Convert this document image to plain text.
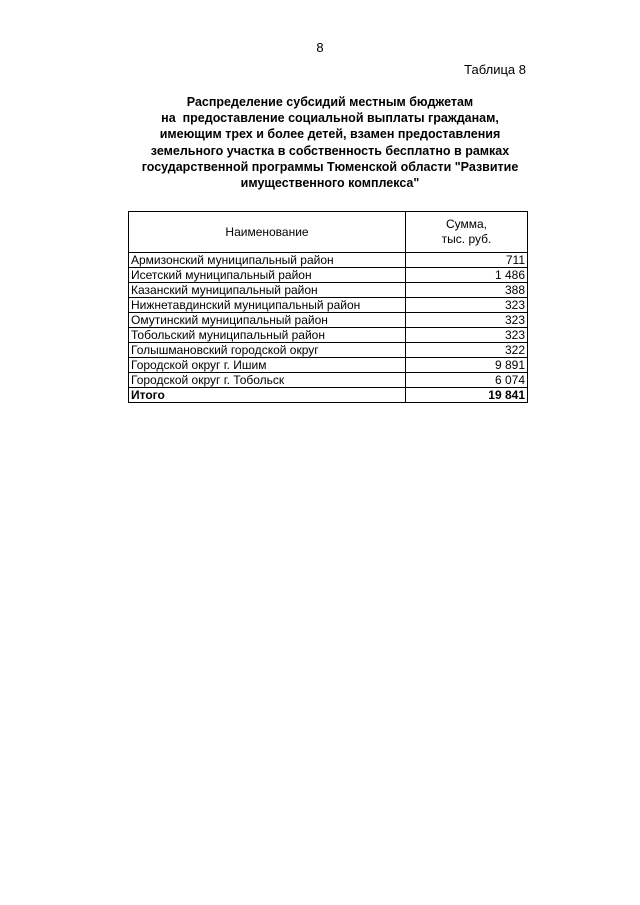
8
Таблица 8
Распределение субсидий местным бюджетам
на  предоставление социальной выплаты гражданам,
имеющим трех и более детей, взамен предоставления
земельного участка в собственность бесплатно в рамках
государственной программы Тюменской области "Развитие
имущественного комплекса"
Наименование	Сумма,
тыс. руб.

Армизонский муниципальный район	711
Исетский муниципальный район	1 486
Казанский муниципальный район	388
Нижнетавдинский муниципальный район	323
Омутинский муниципальный район	323
Тобольский муниципальный район	323
Голышмановский городской округ	322
Городской округ г. Ишим	9 891
Городской округ г. Тобольск	6 074
Итого	19 841
